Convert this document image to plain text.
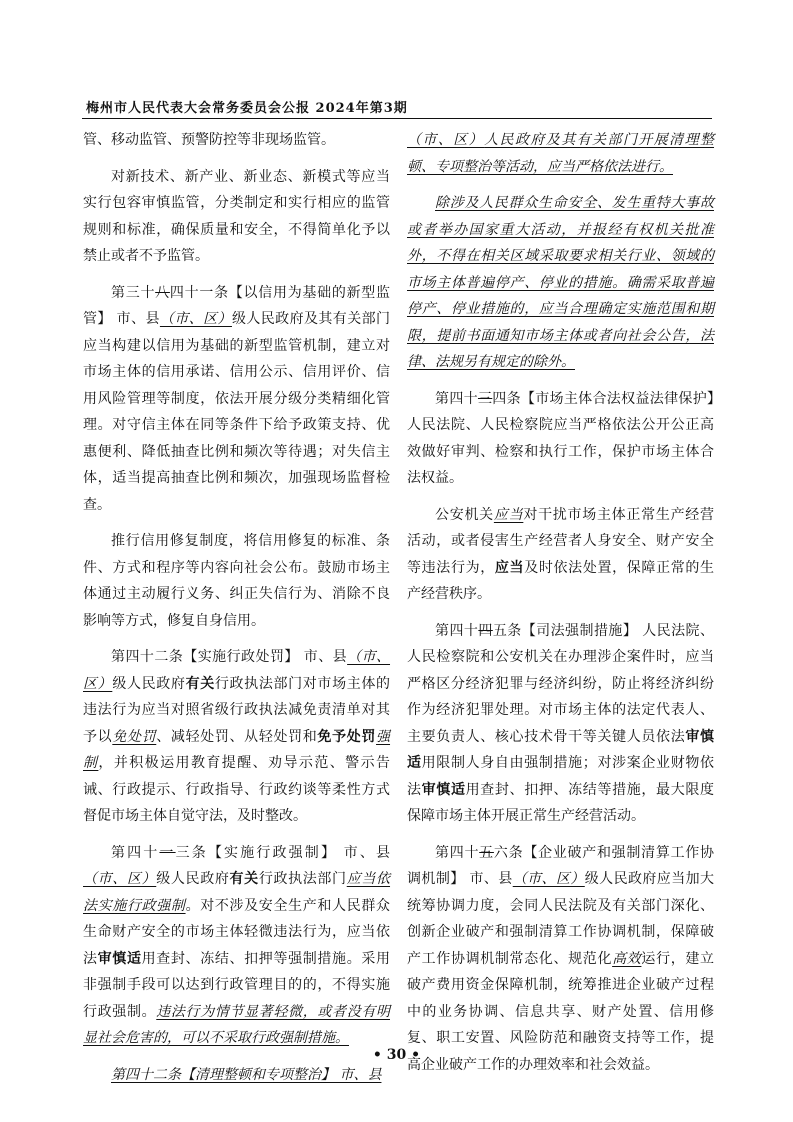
梅州市人民代表大会常务委员会公报 2024年第3期

管、移动监管、预警防控等非现场监管。

对新技术、新产业、新业态、新模式等应当实行包容审慎监管，分类制定和实行相应的监管规则和标准，确保质量和安全，不得简单化予以禁止或者不予监管。

第三十八四十一条【以信用为基础的新型监管】 市、县（市、区）级人民政府及其有关部门应当构建以信用为基础的新型监管机制，建立对市场主体的信用承诺、信用公示、信用评价、信用风险管理等制度，依法开展分级分类精细化管理。对守信主体在同等条件下给予政策支持、优惠便利、降低抽查比例和频次等待遇；对失信主体，适当提高抽查比例和频次，加强现场监督检查。

推行信用修复制度，将信用修复的标准、条件、方式和程序等内容向社会公布。鼓励市场主体通过主动履行义务、纠正失信行为、消除不良影响等方式，修复自身信用。

第四十二条【实施行政处罚】 市、县（市、区）级人民政府有关行政执法部门对市场主体的违法行为应当对照省级行政执法减免责清单对其予以免处罚、减轻处罚、从轻处罚和免予处罚强制，并积极运用教育提醒、劝导示范、警示告诫、行政提示、行政指导、行政约谈等柔性方式督促市场主体自觉守法，及时整改。

第四十一三条【实施行政强制】 市、县（市、区）级人民政府有关行政执法部门应当依法实施行政强制。对不涉及安全生产和人民群众生命财产安全的市场主体轻微违法行为，应当依法审慎适用查封、冻结、扣押等强制措施。采用非强制手段可以达到行政管理目的的，不得实施行政强制。违法行为情节显著轻微，或者没有明显社会危害的，可以不采取行政强制措施。

第四十二条【清理整顿和专项整治】 市、县

（市、区）人民政府及其有关部门开展清理整顿、专项整治等活动，应当严格依法进行。

除涉及人民群众生命安全、发生重特大事故或者举办国家重大活动，并报经有权机关批准外，不得在相关区域采取要求相关行业、领域的市场主体普遍停产、停业的措施。确需采取普遍停产、停业措施的，应当合理确定实施范围和期限，提前书面通知市场主体或者向社会公告，法律、法规另有规定的除外。

第四十三四条【市场主体合法权益法律保护】人民法院、人民检察院应当严格依法公开公正高效做好审判、检察和执行工作，保护市场主体合法权益。

公安机关应当对干扰市场主体正常生产经营活动，或者侵害生产经营者人身安全、财产安全等违法行为，应当及时依法处置，保障正常的生产经营秩序。

第四十四五条【司法强制措施】 人民法院、人民检察院和公安机关在办理涉企案件时，应当严格区分经济犯罪与经济纠纷，防止将经济纠纷作为经济犯罪处理。对市场主体的法定代表人、主要负责人、核心技术骨干等关键人员依法审慎适用限制人身自由强制措施；对涉案企业财物依法审慎适用查封、扣押、冻结等措施，最大限度保障市场主体开展正常生产经营活动。

第四十五六条【企业破产和强制清算工作协调机制】 市、县（市、区）级人民政府应当加大统筹协调力度，会同人民法院及有关部门深化、创新企业破产和强制清算工作协调机制，保障破产工作协调机制常态化、规范化高效运行，建立破产费用资金保障机制，统筹推进企业破产过程中的业务协调、信息共享、财产处置、信用修复、职工安置、风险防范和融资支持等工作，提高企业破产工作的办理效率和社会效益。

• 30 •
